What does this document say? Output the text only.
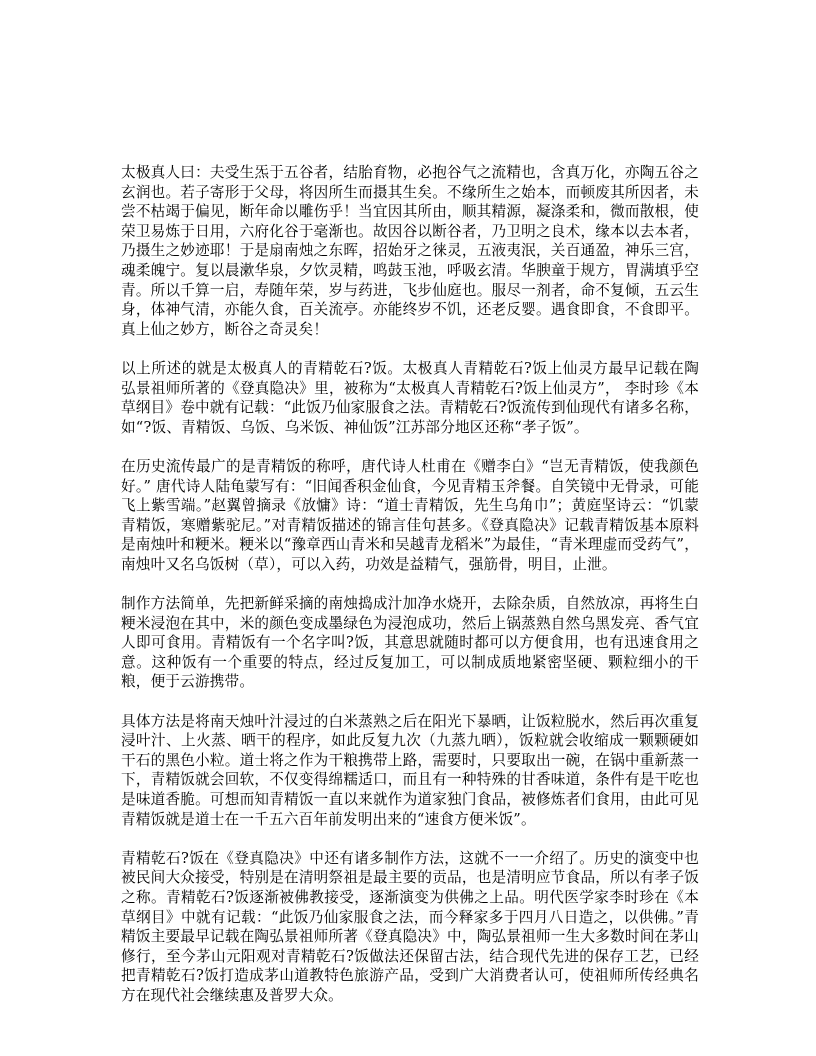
太极真人曰：夫受生炁于五谷者，结胎育物，必抱谷气之流精也，含真万化，亦陶五谷之玄润也。若子寄形于父母，将因所生而摄其生矣。不缘所生之始本，而顿废其所因者，未尝不枯竭于偏见，断年命以雕伤乎！当宜因其所由，顺其精源，凝涤柔和，微而散根，使荣卫易炼于日用，六府化谷于毫渐也。故因谷以断谷者，乃卫明之良术，缘本以去本者，乃摄生之妙迹耶！于是扇南烛之东晖，招始牙之徕灵，五液夷泯，关百通盈，神乐三宫，魂柔魄宁。复以晨漱华泉，夕饮灵精，鸣鼓玉池，呼吸玄清。华腴童于规方，胃满填乎空青。所以千算一启，寿随年荣，岁与药进，飞步仙庭也。服尽一剂者，命不复倾，五云生身，体神气清，亦能久食，百关流亭。亦能终岁不饥，还老反婴。遇食即食，不食即平。真上仙之妙方，断谷之奇灵矣！

以上所述的就是太极真人的青精乾石?饭。太极真人青精乾石?饭上仙灵方最早记载在陶弘景祖师所著的《登真隐决》里，被称为“太极真人青精乾石?饭上仙灵方”， 李时珍《本草纲目》卷中就有记载：“此饭乃仙家服食之法。青精乾石?饭流传到仙现代有诸多名称，如“?饭、青精饭、乌饭、乌米饭、神仙饭”江苏部分地区还称“孝子饭”。

在历史流传最广的是青精饭的称呼，唐代诗人杜甫在《赠李白》“岂无青精饭，使我颜色好。” 唐代诗人陆龟蒙写有：“旧闻香积金仙食，今见青精玉斧餐。自笑镜中无骨录，可能飞上紫雪端。”赵翼曾摘录《放慵》诗：“道士青精饭，先生乌角巾”；黄庭坚诗云：“饥蒙青精饭，寒赠紫驼尼。”对青精饭描述的锦言佳句甚多。《登真隐决》记载青精饭基本原料是南烛叶和粳米。粳米以“豫章西山青米和吴越青龙稻米”为最佳，“青米理虚而受药气”，南烛叶又名乌饭树（草），可以入药，功效是益精气，强筋骨，明目，止泄。

制作方法简单，先把新鲜采摘的南烛捣成汁加净水烧开，去除杂质，自然放凉，再将生白粳米浸泡在其中，米的颜色变成墨绿色为浸泡成功，然后上锅蒸熟自然乌黑发亮、香气宜人即可食用。青精饭有一个名字叫?饭，其意思就随时都可以方便食用，也有迅速食用之意。这种饭有一个重要的特点，经过反复加工，可以制成质地紧密坚硬、颗粒细小的干粮，便于云游携带。

具体方法是将南天烛叶汁浸过的白米蒸熟之后在阳光下暴晒，让饭粒脱水，然后再次重复浸叶汁、上火蒸、晒干的程序，如此反复九次（九蒸九晒），饭粒就会收缩成一颗颗硬如干石的黑色小粒。道士将之作为干粮携带上路，需要时，只要取出一碗，在锅中重新蒸一下，青精饭就会回软，不仅变得绵糯适口，而且有一种特殊的甘香味道，条件有是干吃也是味道香脆。可想而知青精饭一直以来就作为道家独门食品，被修炼者们食用，由此可见青精饭就是道士在一千五六百年前发明出来的“速食方便米饭”。

青精乾石?饭在《登真隐决》中还有诸多制作方法，这就不一一介绍了。历史的演变中也被民间大众接受，特别是在清明祭祖是最主要的贡品，也是清明应节食品，所以有孝子饭之称。青精乾石?饭逐渐被佛教接受，逐渐演变为供佛之上品。明代医学家李时珍在《本草纲目》中就有记载：“此饭乃仙家服食之法，而今释家多于四月八日造之，以供佛。”青精饭主要最早记载在陶弘景祖师所著《登真隐决》中，陶弘景祖师一生大多数时间在茅山修行，至今茅山元阳观对青精乾石?饭做法还保留古法，结合现代先进的保存工艺，已经把青精乾石?饭打造成茅山道教特色旅游产品，受到广大消费者认可，使祖师所传经典名方在现代社会继续惠及普罗大众。
